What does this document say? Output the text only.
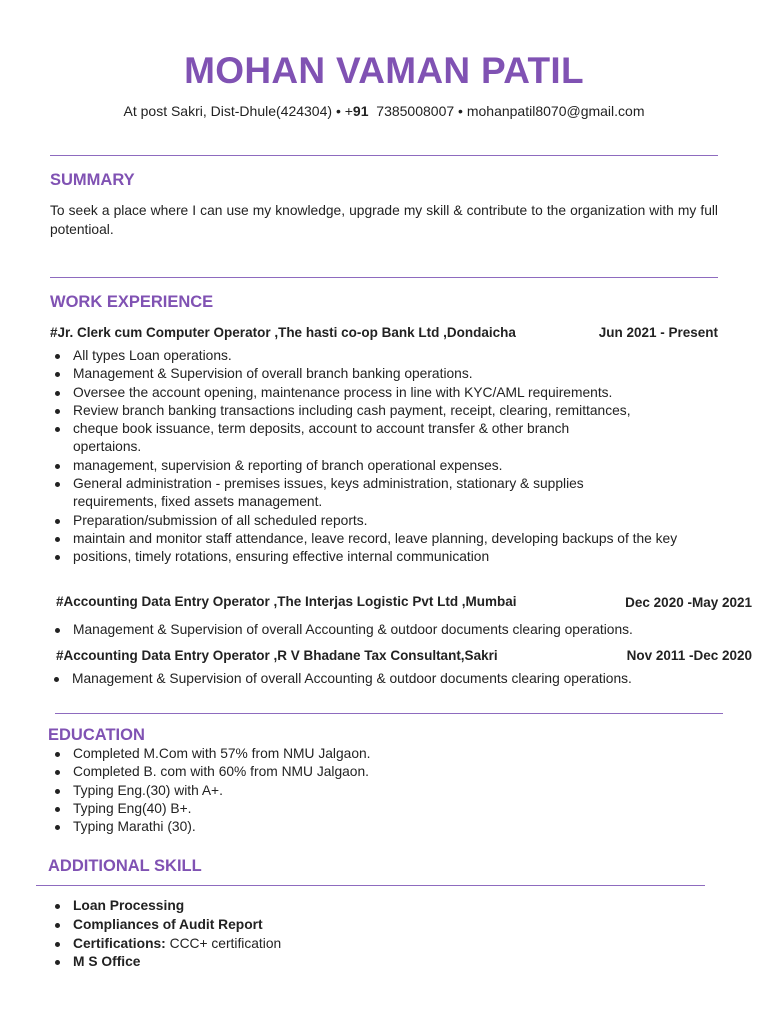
MOHAN VAMAN PATIL
At post Sakri, Dist-Dhule(424304) • +91 7385008007 • mohanpatil8070@gmail.com
SUMMARY

To seek a place where I can use my knowledge, upgrade my skill & contribute to the organization with my full potentioal.

WORK EXPERIENCE
#Jr. Clerk cum Computer Operator ,The hasti co-op Bank Ltd ,Dondaicha	Jun 2021 - Present
All types Loan operations.
Management & Supervision of overall branch banking operations.
Oversee the account opening, maintenance process in line with KYC/AML requirements.
Review branch banking transactions including cash payment, receipt, clearing, remittances,
cheque book issuance, term deposits, account to account transfer & other branch opertaions.
management, supervision & reporting of branch operational expenses.
General administration - premises issues, keys administration, stationary & supplies requirements, fixed assets management.
Preparation/submission of all scheduled reports.
maintain and monitor staff attendance, leave record, leave planning, developing backups of the key
positions, timely rotations, ensuring effective internal communication
#Accounting Data Entry Operator ,The Interjas Logistic Pvt Ltd ,Mumbai	Dec 2020 -May 2021
Management & Supervision of overall Accounting & outdoor documents clearing operations.
#Accounting Data Entry Operator ,R V Bhadane Tax Consultant,Sakri	Nov 2011 -Dec 2020
Management & Supervision of overall Accounting & outdoor documents clearing operations.
EDUCATION
Completed M.Com with 57% from NMU Jalgaon.
Completed B. com with 60% from NMU Jalgaon.
Typing Eng.(30) with A+.
Typing Eng(40) B+.
Typing Marathi (30).
ADDITIONAL SKILL
Loan Processing
Compliances of Audit Report
Certifications: CCC+ certification
M S Office
